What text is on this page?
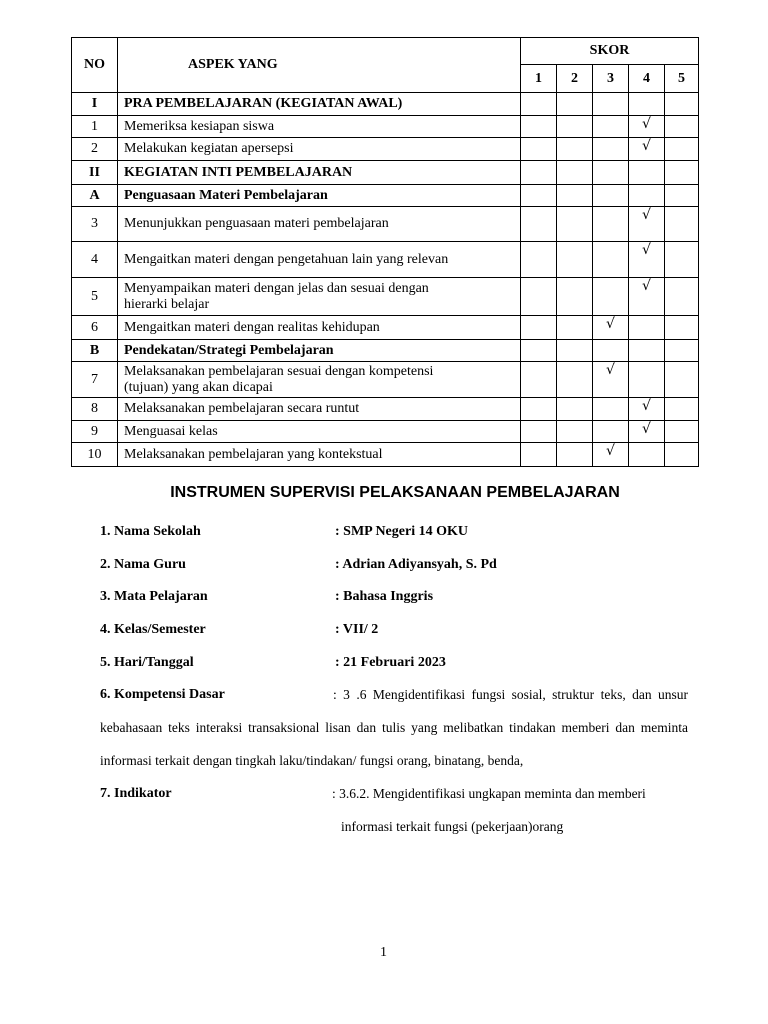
NO	ASPEK YANG	SKOR				
		1	2	3	4	5
I	PRA PEMBELAJARAN (KEGIATAN AWAL)					
1	Memeriksa kesiapan siswa				√	
2	Melakukan kegiatan apersepsi				√	
II	KEGIATAN INTI PEMBELAJARAN					
A	Penguasaan Materi Pembelajaran					
3	Menunjukkan penguasaan materi pembelajaran				√	
4	Mengaitkan materi dengan pengetahuan lain yang relevan				√	
5	Menyampaikan materi dengan jelas dan sesuai dengan hierarki belajar				√	
6	Mengaitkan materi dengan realitas kehidupan			√		
B	Pendekatan/Strategi Pembelajaran					
7	Melaksanakan pembelajaran sesuai dengan kompetensi (tujuan) yang akan dicapai			√		
8	Melaksanakan pembelajaran secara runtut				√	
9	Menguasai kelas				√	
10	Melaksanakan pembelajaran yang kontekstual			√		
INSTRUMEN SUPERVISI PELAKSANAAN PEMBELAJARAN
1. Nama Sekolah	: SMP Negeri 14 OKU
2. Nama Guru	: Adrian Adiyansyah, S. Pd
3. Mata Pelajaran	: Bahasa Inggris
4. Kelas/Semester	: VII/ 2
5. Hari/Tanggal	: 21 Februari 2023
6. Kompetensi Dasar	: 3 .6 Mengidentifikasi fungsi sosial, struktur teks, dan unsur
kebahasaan teks interaksi transaksional lisan dan tulis yang melibatkan tindakan memberi dan meminta
informasi terkait dengan tingkah laku/tindakan/ fungsi orang, binatang, benda,
7. Indikator	: 3.6.2. Mengidentifikasi ungkapan meminta dan memberi
informasi terkait fungsi (pekerjaan)orang
1
